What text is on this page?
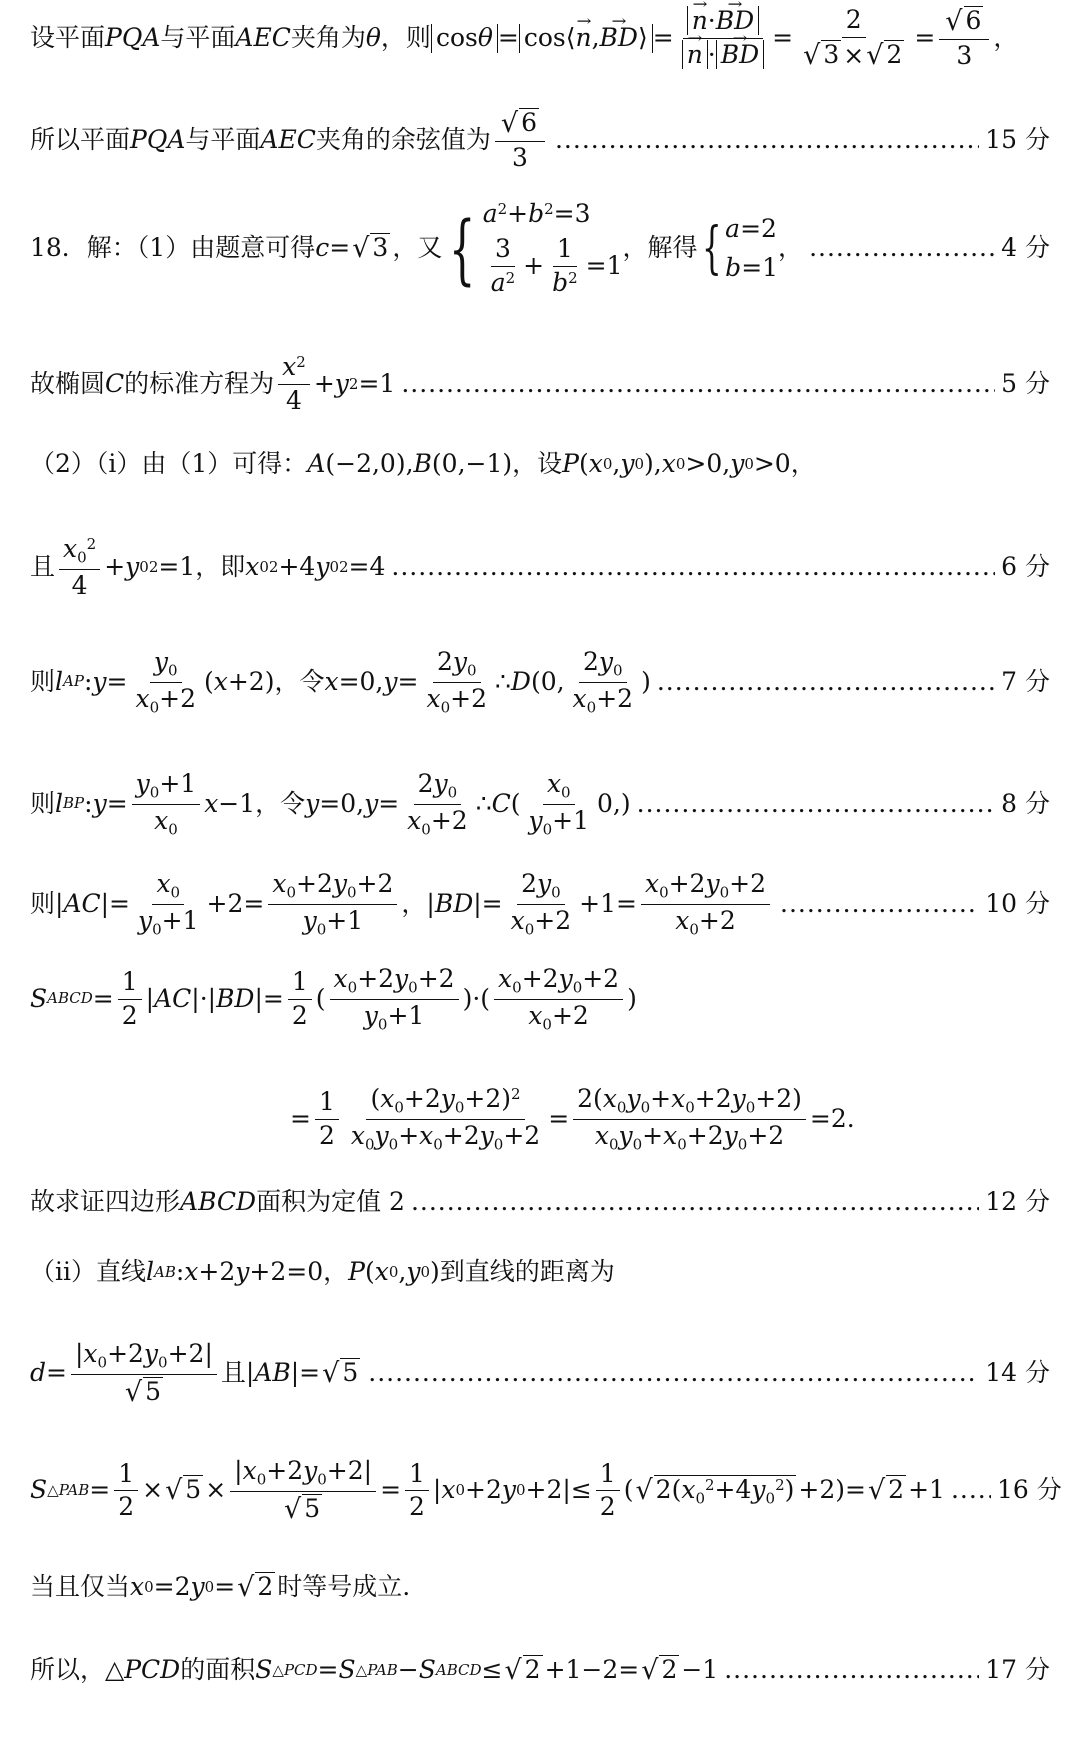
设平面 PQA 与平面 AEC 夹角为 θ ，则 cosθ = cos⟨→ n,→ BD⟩ = → n·→ BD
→ n · → BD = $\frac{2}{√ 3 \times √ 2} = \frac{√ 6}{3}$ ，
所以平面 PQA 与平面 AEC 夹角的余弦值为 $\frac{√ 6}{3}$ .....	15 分
18．解：（1）由题意可得 c = √ 3 ，又 { $a^2+b^2=3$
$\frac{3}{a^2} + \frac{1}{b^2} =1$
，解得 { a=2
b=1
， .....	4 分
故椭圆 C 的标准方程为 $\frac{x^2}{4} + y$ 2 =1 .....	5 分
（2）（i）由（1）可得： A (−2,0), B (0,−1)，设 P ( x 0 , y 0 ), x 0 >0, y 0 >0，
且 $\frac{x_0^2}{4} + y$ 0 2 =1，即 x 0 2 +4 y 0 2 =4 .....	6 分
则 l AP : $y = \frac{y_0}{x_0+2}$ ( x +2)，令 x =0, $y = \frac{2y_0}{x_0+2}$ ∴ D (0, $\frac{2y_0}{x_0+2}$ ) .....	7 分
则 l BP : $y = \frac{y_0+1}{x_0}$ x −1，令 y =0, $y = \frac{2y_0}{x_0+2}$ ∴ C ( $\frac{x_0}{y_0+1} 0$,) .....	8 分
则| AC |= $\frac{x_0}{y_0+1} +2= \frac{x_0+2y_0+2}{y_0+1}$ ，| BD |= $\frac{2y_0}{x_0+2} +1= \frac{x_0+2y_0+2}{x_0+2}$ .....	10 分
S ABCD = $\frac{1}{2}$ | AC |·| BD |= $\frac{1}{2}$ ( $\frac{x_0+2y_0+2}{y_0+1}$ )·( $\frac{x_0+2y_0+2}{x_0+2}$ )
= $\frac{1}{2} \frac{(x_0+2y_0+2)^2}{x_0y_0+x_0+2y_0+2} = \frac{2(x_0y_0+x_0+2y_0+2)}{x_0y_0+x_0+2y_0+2} =2$.
故求证四边形 ABCD 面积为定值 2 .....	12 分
（ii）直线 l AB : x +2 y +2=0， P ( x 0 , y 0 )到直线的距离为
$d = \frac{|x_0+2y_0+2|}{√ 5}$ 且| AB |= √ 5 .....	14 分
S △PAB = $\frac{1}{2}$ × √ $5 \times \frac{|x_0+2y_0+2|}{√ 5} = \frac{1}{2}$ | x 0 +2 y $0 +2|\le \frac{1}{2}$ ( √ $2(x_0^2+4y_0^2) +2)=$ √ 2 +1 ..... 16 分
当且仅当 x 0 =2 y 0 = √ 2 时等号成立.
所以，△ PCD 的面积 S △PCD = S △PAB − S ABCD ≤ √ 2 +1−2= √ 2 −1 .....	17 分
